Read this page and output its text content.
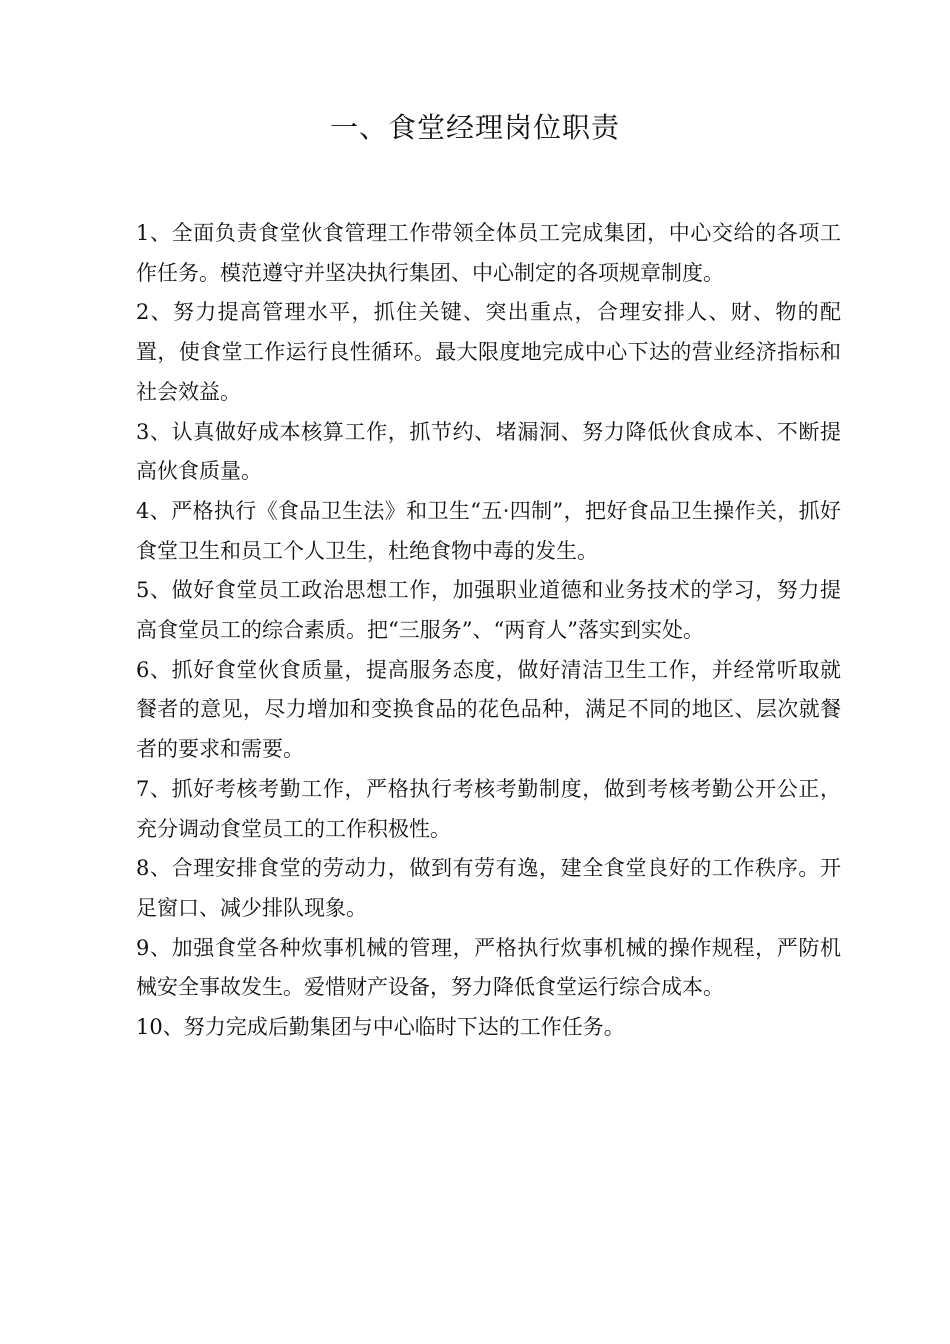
一、食堂经理岗位职责

1、全面负责食堂伙食管理工作带领全体员工完成集团，中心交给的各项工作任务。模范遵守并坚决执行集团、中心制定的各项规章制度。

2、努力提高管理水平，抓住关键、突出重点，合理安排人、财、物的配置，使食堂工作运行良性循环。最大限度地完成中心下达的营业经济指标和社会效益。

3、认真做好成本核算工作，抓节约、堵漏洞、努力降低伙食成本、不断提高伙食质量。

4、严格执行《食品卫生法》和卫生“五·四制”，把好食品卫生操作关，抓好食堂卫生和员工个人卫生，杜绝食物中毒的发生。

5、做好食堂员工政治思想工作，加强职业道德和业务技术的学习，努力提高食堂员工的综合素质。把“三服务”、“两育人”落实到实处。

6、抓好食堂伙食质量，提高服务态度，做好清洁卫生工作，并经常听取就餐者的意见，尽力增加和变换食品的花色品种，满足不同的地区、层次就餐者的要求和需要。

7、抓好考核考勤工作，严格执行考核考勤制度，做到考核考勤公开公正，充分调动食堂员工的工作积极性。

8、合理安排食堂的劳动力，做到有劳有逸，建全食堂良好的工作秩序。开足窗口、减少排队现象。

9、加强食堂各种炊事机械的管理，严格执行炊事机械的操作规程，严防机械安全事故发生。爱惜财产设备，努力降低食堂运行综合成本。

10、努力完成后勤集团与中心临时下达的工作任务。
